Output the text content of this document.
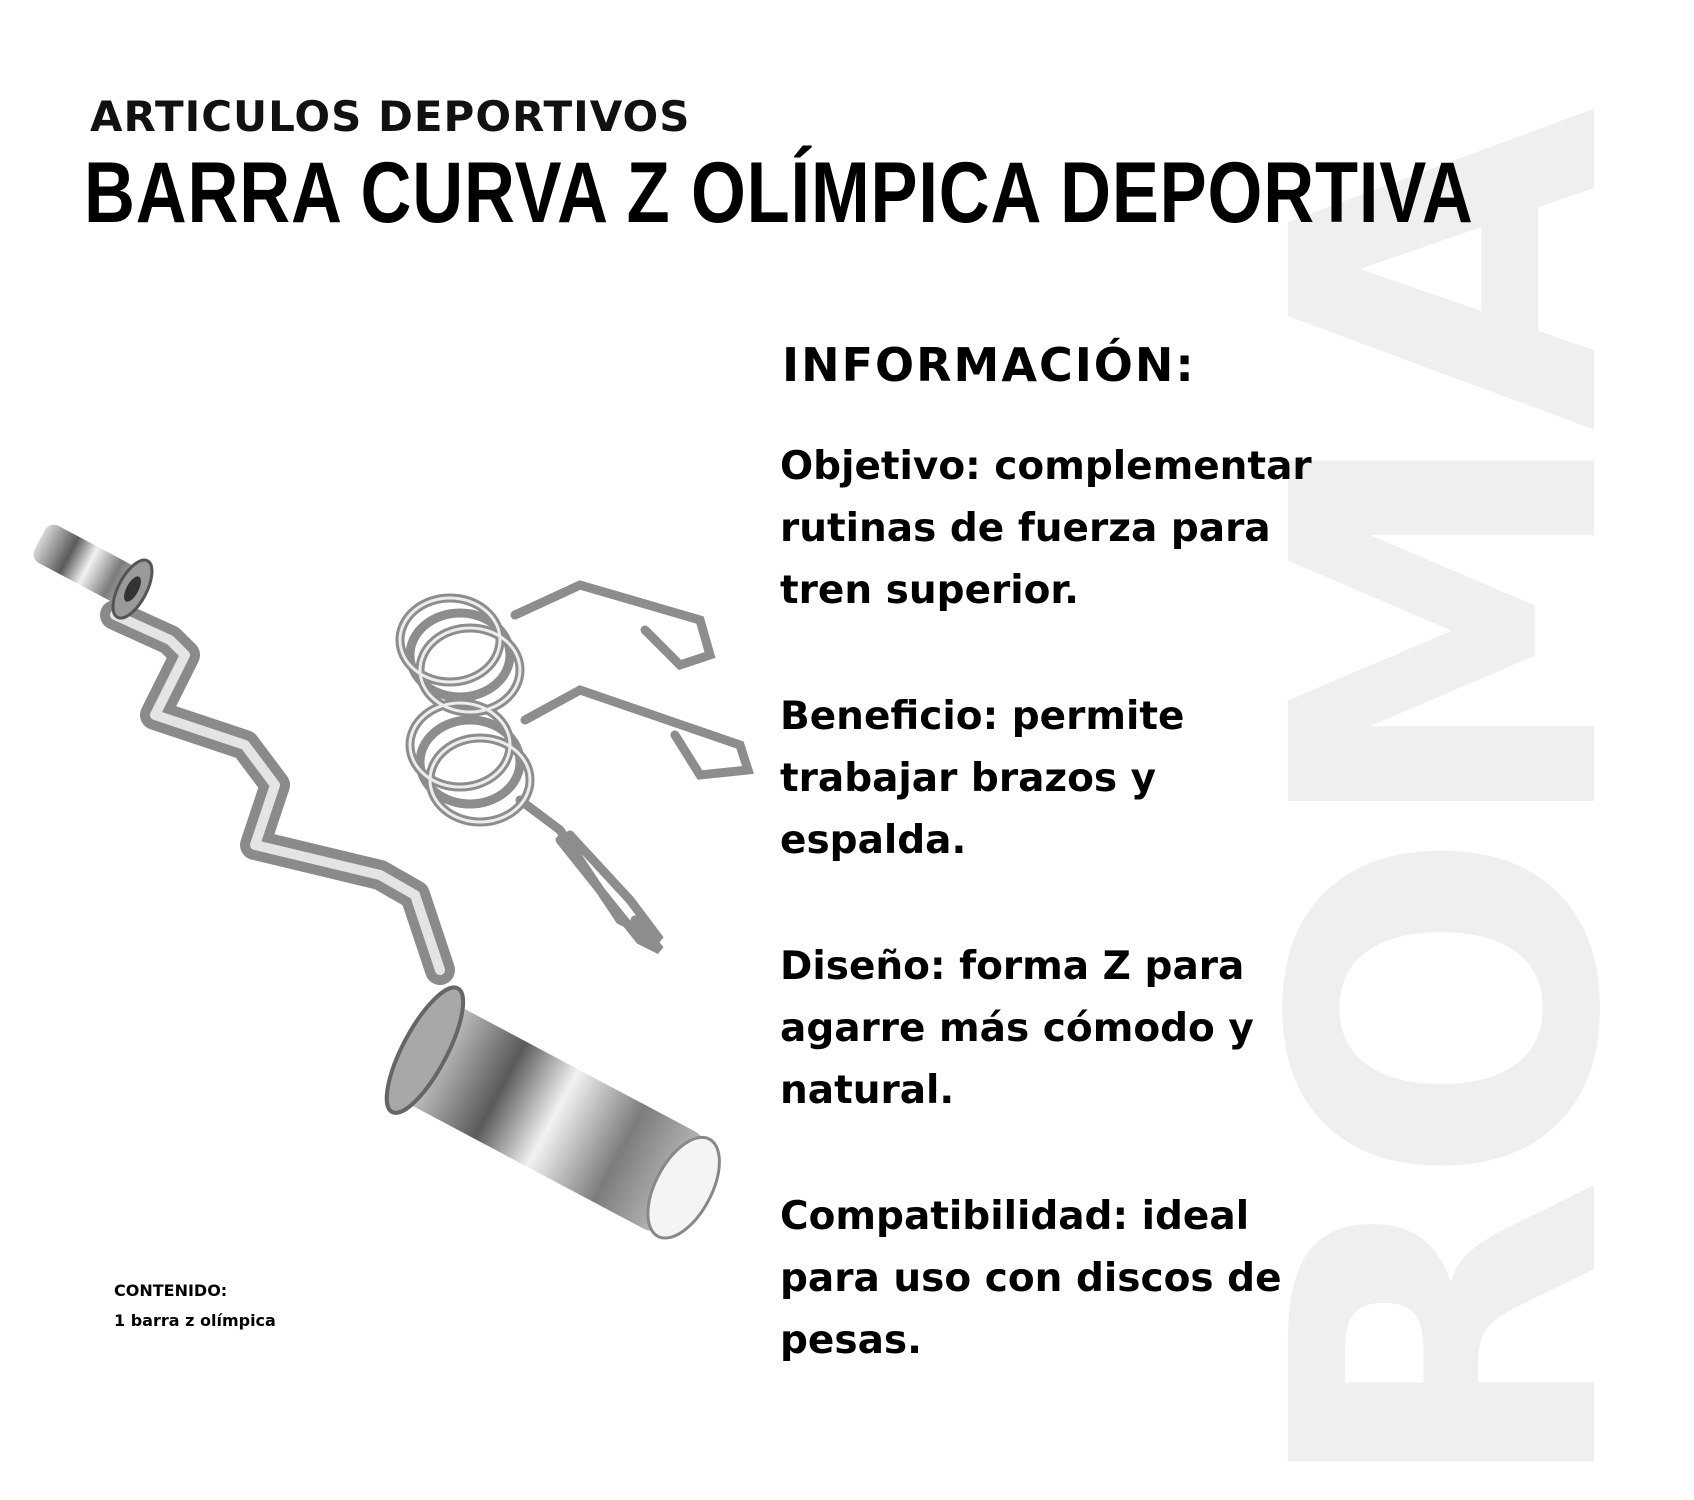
ROMA
ARTICULOS DEPORTIVOS
BARRA CURVA Z OLÍMPICA DEPORTIVA
INFORMACIÓN:

Objetivo: complementar rutinas de fuerza para tren superior.

Beneficio: permite trabajar brazos y espalda.

Diseño: forma Z para agarre más cómodo y natural.

Compatibilidad: ideal para uso con discos de pesas.

CONTENIDO:
1 barra z olímpica
